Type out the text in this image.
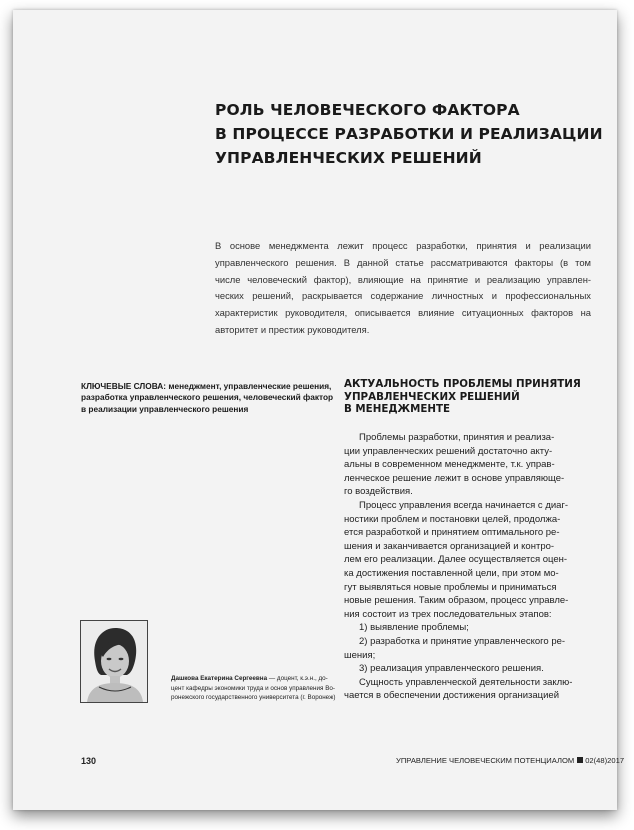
РОЛЬ ЧЕЛОВЕЧЕСКОГО ФАКТОРА
В ПРОЦЕССЕ РАЗРАБОТКИ И РЕАЛИЗАЦИИ
УПРАВЛЕНЧЕСКИХ РЕШЕНИЙ
В основе менеджмента лежит процесс разработки, принятия и реализации
управленческого решения. В данной статье рассматриваются факторы (в том
числе человеческий фактор), влияющие на принятие и реализацию управлен-
ческих решений, раскрывается содержание личностных и профессиональных
характеристик руководителя, описывается влияние ситуационных факторов на
авторитет и престиж руководителя.
КЛЮЧЕВЫЕ СЛОВА: менеджмент, управленческие решения,
разработка управленческого решения, человеческий фактор
в реализации управленческого решения
АКТУАЛЬНОСТЬ ПРОБЛЕМЫ ПРИНЯТИЯ
УПРАВЛЕНЧЕСКИХ РЕШЕНИЙ
В МЕНЕДЖМЕНТЕ
Проблемы разработки, принятия и реализа-
ции управленческих решений достаточно акту-
альны в современном менеджменте, т.к. управ-
ленческое решение лежит в основе управляюще-
го воздействия.
Процесс управления всегда начинается с диаг-
ностики проблем и постановки целей, продолжа-
ется разработкой и принятием оптимального ре-
шения и заканчивается организацией и контро-
лем его реализации. Далее осуществляется оцен-
ка достижения поставленной цели, при этом мо-
гут выявляться новые проблемы и приниматься
новые решения. Таким образом, процесс управле-
ния состоит из трех последовательных этапов:
1) выявление проблемы;
2) разработка и принятие управленческого ре-
шения;
3) реализация управленческого решения.
Сущность управленческой деятельности заклю-
чается в обеспечении достижения организацией
Дашкова Екатерина Сергеевна — доцент, к.э.н., до-
цент кафедры экономики труда и основ управления Во-
ронежского государственного университета (г. Воронеж)
130	УПРАВЛЕНИЕ ЧЕЛОВЕЧЕСКИМ ПОТЕНЦИАЛОМ 02(48)2017
